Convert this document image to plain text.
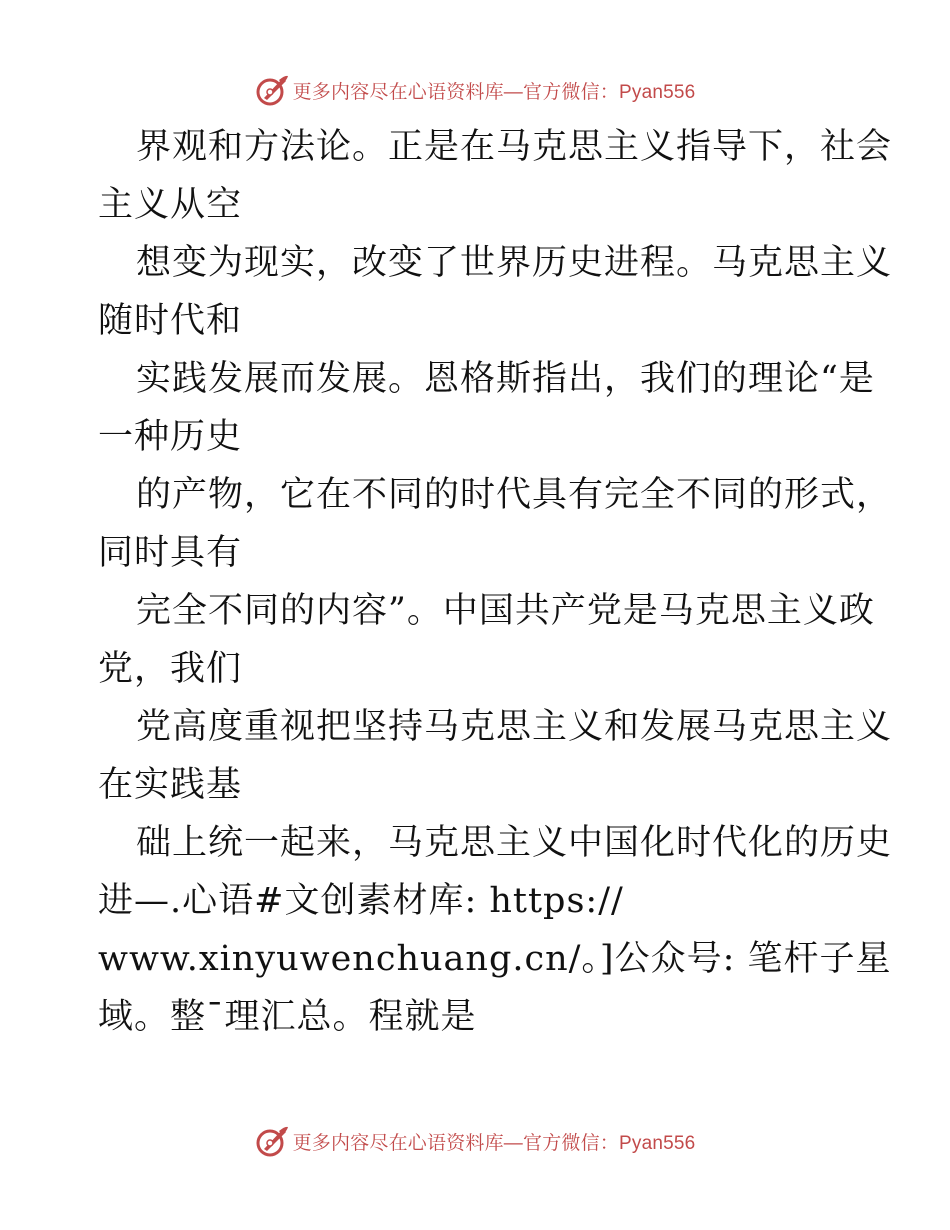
更多内容尽在心语资料库—官方微信：Pyan556
界观和方法论。正是在马克思主义指导下，社会
主义从空
想变为现实，改变了世界历史进程。马克思主义
随时代和
实践发展而发展。恩格斯指出，我们的理论“是
一种历史
的产物，它在不同的时代具有完全不同的形式，
同时具有
完全不同的内容”。中国共产党是马克思主义政
党，我们
党高度重视把坚持马克思主义和发展马克思主义
在实践基
础上统一起来，马克思主义中国化时代化的历史
进—.心语#文创素材库: https://
www.xinyuwenchuang.cn/。]公众号: 笔杆子星
域。整¯理汇总。程就是
更多内容尽在心语资料库—官方微信：Pyan556
